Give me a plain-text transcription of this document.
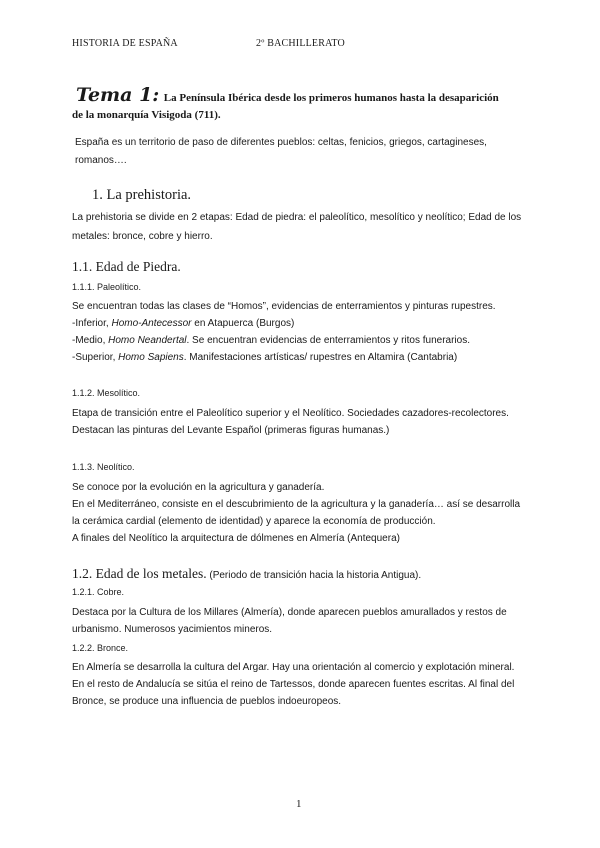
HISTORIA DE ESPAÑA	2º BACHILLERATO
Tema 1: La Península Ibérica desde los primeros humanos hasta la desaparición
de la monarquía Visigoda (711).
España es un territorio de paso de diferentes pueblos: celtas, fenicios, griegos, cartagineses,
romanos….
1. La prehistoria.
La prehistoria se divide en 2 etapas: Edad de piedra: el paleolítico, mesolítico y neolítico; Edad de los
metales: bronce, cobre y hierro.
1.1. Edad de Piedra.
1.1.1. Paleolítico.
Se encuentran todas las clases de “Homos”, evidencias de enterramientos y pinturas rupestres.
-Inferior, Homo-Antecessor en Atapuerca (Burgos)
-Medio, Homo Neandertal. Se encuentran evidencias de enterramientos y ritos funerarios.
-Superior, Homo Sapiens. Manifestaciones artísticas/ rupestres en Altamira (Cantabria)
1.1.2. Mesolítico.
Etapa de transición entre el Paleolítico superior y el Neolítico. Sociedades cazadores-recolectores.
Destacan las pinturas del Levante Español (primeras figuras humanas.)
1.1.3. Neolítico.
Se conoce por la evolución en la agricultura y ganadería.
En el Mediterráneo, consiste en el descubrimiento de la agricultura y la ganadería… así se desarrolla
la cerámica cardial (elemento de identidad) y aparece la economía de producción.
A finales del Neolítico la arquitectura de dólmenes en Almería (Antequera)
1.2. Edad de los metales. (Periodo de transición hacia la historia Antigua).
1.2.1. Cobre.
Destaca por la Cultura de los Millares (Almería), donde aparecen pueblos amurallados y restos de
urbanismo. Numerosos yacimientos mineros.
1.2.2. Bronce.
En Almería se desarrolla la cultura del Argar. Hay una orientación al comercio y explotación mineral.
En el resto de Andalucía se sitúa el reino de Tartessos, donde aparecen fuentes escritas. Al final del
Bronce, se produce una influencia de pueblos indoeuropeos.
1
